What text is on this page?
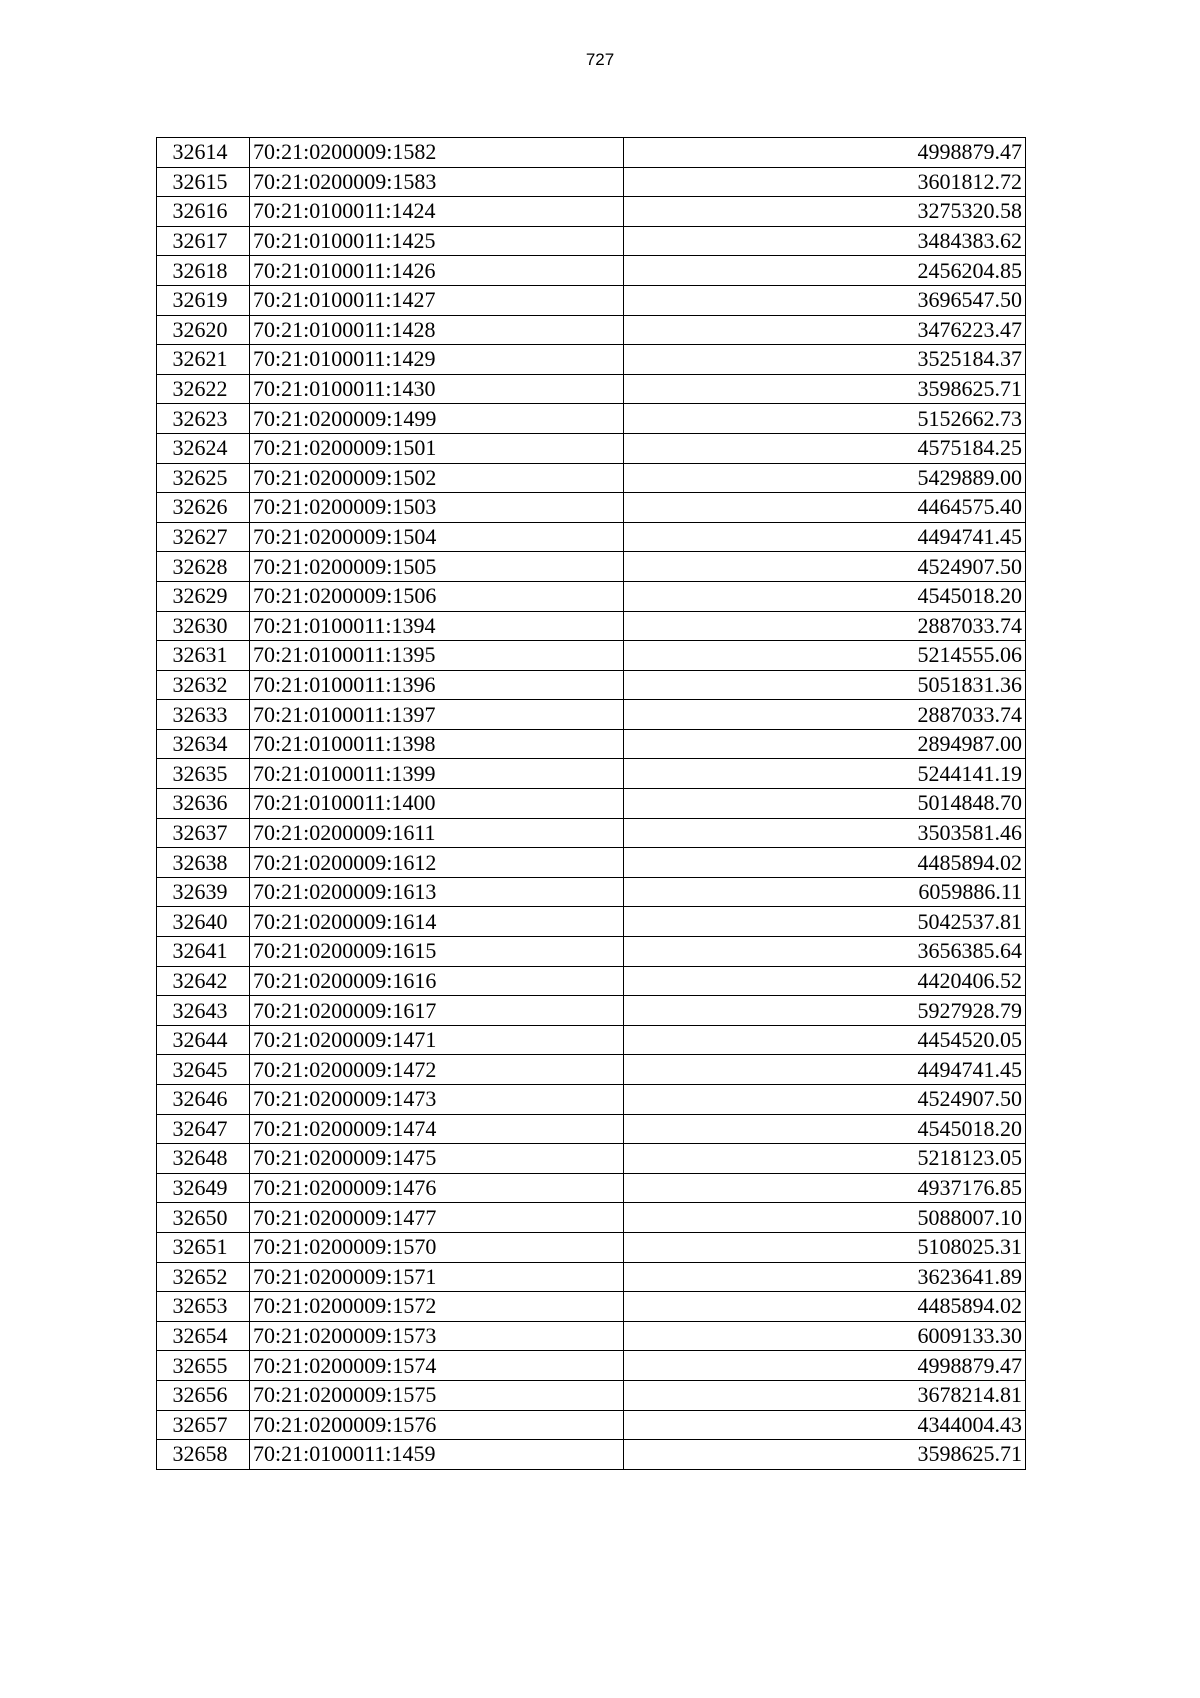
727
32614	70:21:0200009:1582	4998879.47
32615	70:21:0200009:1583	3601812.72
32616	70:21:0100011:1424	3275320.58
32617	70:21:0100011:1425	3484383.62
32618	70:21:0100011:1426	2456204.85
32619	70:21:0100011:1427	3696547.50
32620	70:21:0100011:1428	3476223.47
32621	70:21:0100011:1429	3525184.37
32622	70:21:0100011:1430	3598625.71
32623	70:21:0200009:1499	5152662.73
32624	70:21:0200009:1501	4575184.25
32625	70:21:0200009:1502	5429889.00
32626	70:21:0200009:1503	4464575.40
32627	70:21:0200009:1504	4494741.45
32628	70:21:0200009:1505	4524907.50
32629	70:21:0200009:1506	4545018.20
32630	70:21:0100011:1394	2887033.74
32631	70:21:0100011:1395	5214555.06
32632	70:21:0100011:1396	5051831.36
32633	70:21:0100011:1397	2887033.74
32634	70:21:0100011:1398	2894987.00
32635	70:21:0100011:1399	5244141.19
32636	70:21:0100011:1400	5014848.70
32637	70:21:0200009:1611	3503581.46
32638	70:21:0200009:1612	4485894.02
32639	70:21:0200009:1613	6059886.11
32640	70:21:0200009:1614	5042537.81
32641	70:21:0200009:1615	3656385.64
32642	70:21:0200009:1616	4420406.52
32643	70:21:0200009:1617	5927928.79
32644	70:21:0200009:1471	4454520.05
32645	70:21:0200009:1472	4494741.45
32646	70:21:0200009:1473	4524907.50
32647	70:21:0200009:1474	4545018.20
32648	70:21:0200009:1475	5218123.05
32649	70:21:0200009:1476	4937176.85
32650	70:21:0200009:1477	5088007.10
32651	70:21:0200009:1570	5108025.31
32652	70:21:0200009:1571	3623641.89
32653	70:21:0200009:1572	4485894.02
32654	70:21:0200009:1573	6009133.30
32655	70:21:0200009:1574	4998879.47
32656	70:21:0200009:1575	3678214.81
32657	70:21:0200009:1576	4344004.43
32658	70:21:0100011:1459	3598625.71
